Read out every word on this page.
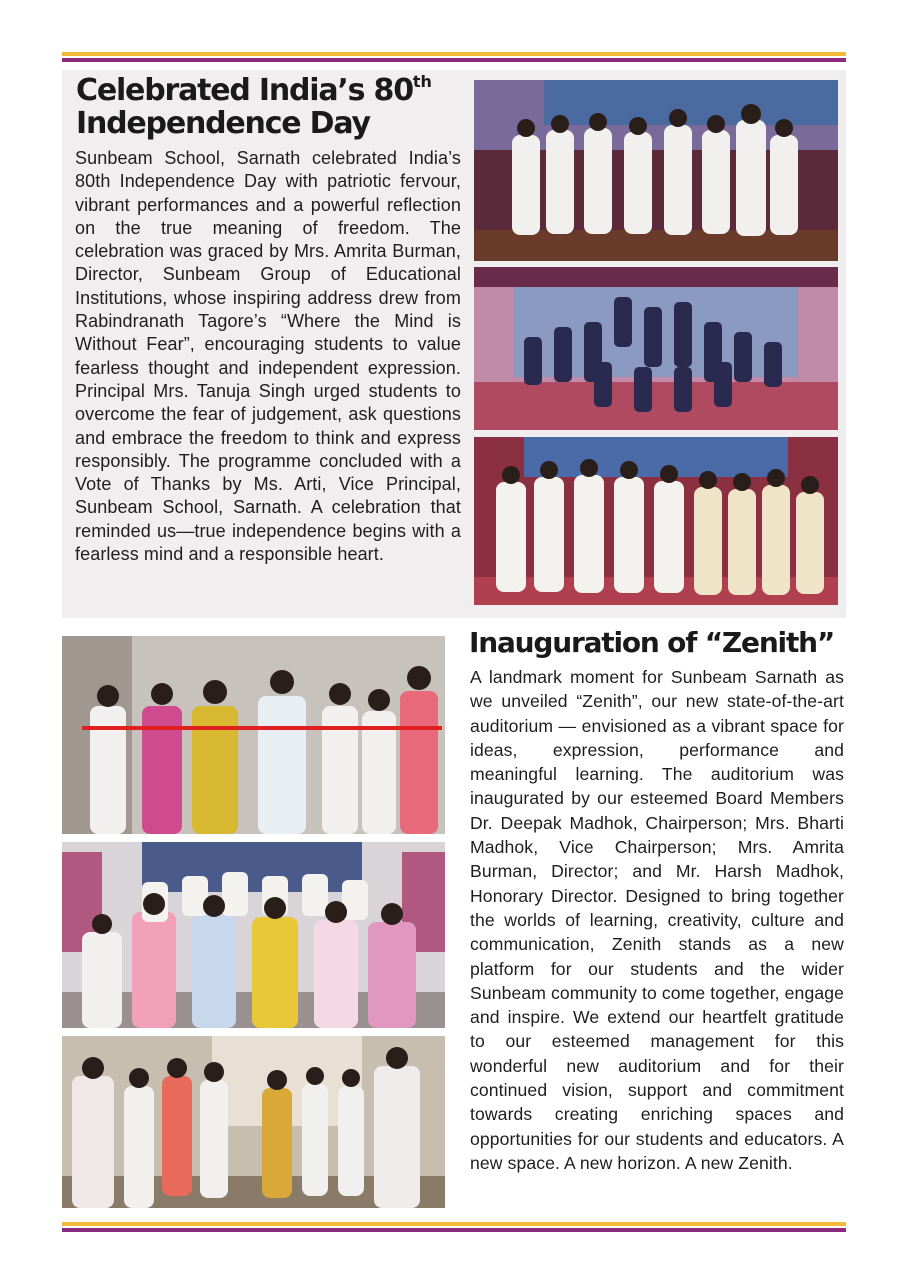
Celebrated India’s 80th
Independence Day

Sunbeam School, Sarnath celebrated India’s 80th Independence Day with patriotic fervour, vibrant performances and a powerful reflection on the true meaning of freedom. The celebration was graced by Mrs. Amrita Burman, Director, Sunbeam Group of Educational Institutions, whose inspiring address drew from Rabindranath Tagore’s “Where the Mind is Without Fear”, encouraging students to value fearless thought and independent expression. Principal Mrs. Tanuja Singh urged students to overcome the fear of judgement, ask questions and embrace the freedom to think and express responsibly. The programme concluded with a Vote of Thanks by Ms. Arti, Vice Principal, Sunbeam School, Sarnath. A celebration that reminded us—true independence begins with a fearless mind and a responsible heart.

Inauguration of “Zenith”

A landmark moment for Sunbeam Sarnath as we unveiled “Zenith”, our new state-of-the-art auditorium — envisioned as a vibrant space for ideas, expression, performance and meaningful learning. The auditorium was inaugurated by our esteemed Board Members Dr. Deepak Madhok, Chairperson; Mrs. Bharti Madhok, Vice Chairperson; Mrs. Amrita Burman, Director; and Mr. Harsh Madhok, Honorary Director. Designed to bring together the worlds of learning, creativity, culture and communication, Zenith stands as a new platform for our students and the wider Sunbeam community to come together, engage and inspire. We extend our heartfelt gratitude to our esteemed management for this wonderful new auditorium and for their continued vision, support and commitment towards creating enriching spaces and opportunities for our students and educators. A new space. A new horizon. A new Zenith.
